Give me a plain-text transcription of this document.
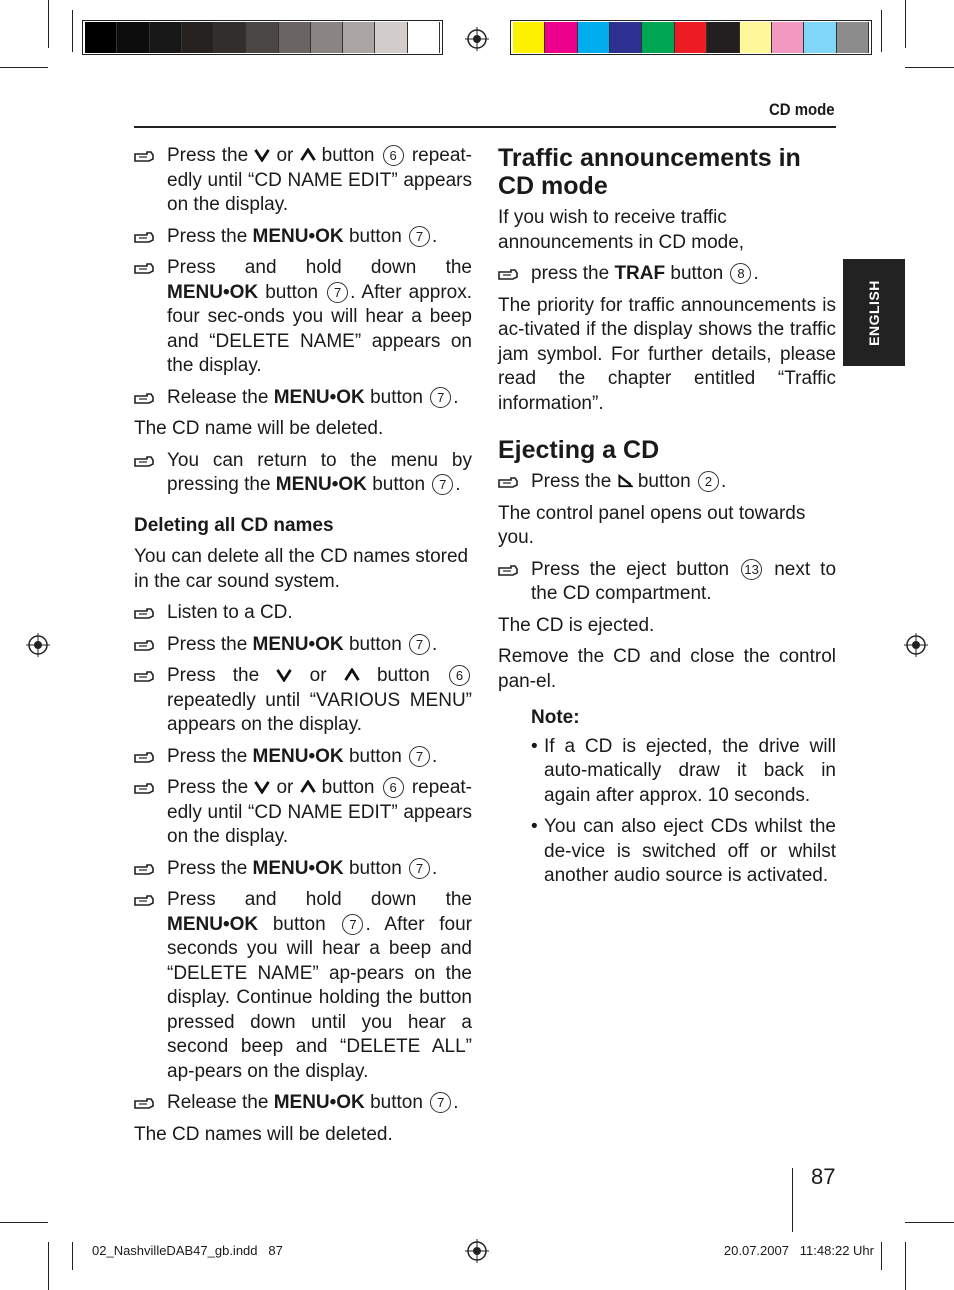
CD mode
ENGLISH
Press the or button 6 repeat-edly until “CD NAME EDIT” appears on the display.
Press the MENU•OK button 7 .
Press and hold down the MENU•OK button 7 . After approx. four sec-onds you will hear a beep and “DELETE NAME” appears on the display.
Release the MENU•OK button 7 .

The CD name will be deleted.

You can return to the menu by pressing the MENU•OK button 7 .
Deleting all CD names

You can delete all the CD names stored in the car sound system.

Listen to a CD.
Press the MENU•OK button 7 .
Press the	or	button 6 repeatedly until “VARIOUS MENU” appears on the display.
Press the MENU•OK button 7 .
Press the or button 6 repeat-edly until “CD NAME EDIT” appears on the display.
Press the MENU•OK button 7 .
Press and hold down the MENU•OK button 7 . After four seconds you will hear a beep and “DELETE NAME” ap-pears on the display. Continue holding the button pressed down until you hear a second beep and “DELETE ALL” ap-pears on the display.
Release the MENU•OK button 7 .

The CD names will be deleted.

Traffic announcements in CD mode

If you wish to receive traffic announcements in CD mode,

press the TRAF button 8 .

The priority for traffic announcements is ac-tivated if the display shows the traffic jam symbol. For further details, please read the chapter entitled “Traffic information”.

Ejecting a CD
Press the button 2 .

The control panel opens out towards you.

Press the eject button 13 next to the CD compartment.

The CD is ejected.

Remove the CD and close the control pan-el.

Note:
• If a CD is ejected, the drive will auto-matically draw it back in again after approx. 10 seconds.
• You can also eject CDs whilst the de-vice is switched off or whilst another audio source is activated.
87
02_NashvilleDAB47_gb.indd   87	20.07.2007   11:48:22 Uhr
